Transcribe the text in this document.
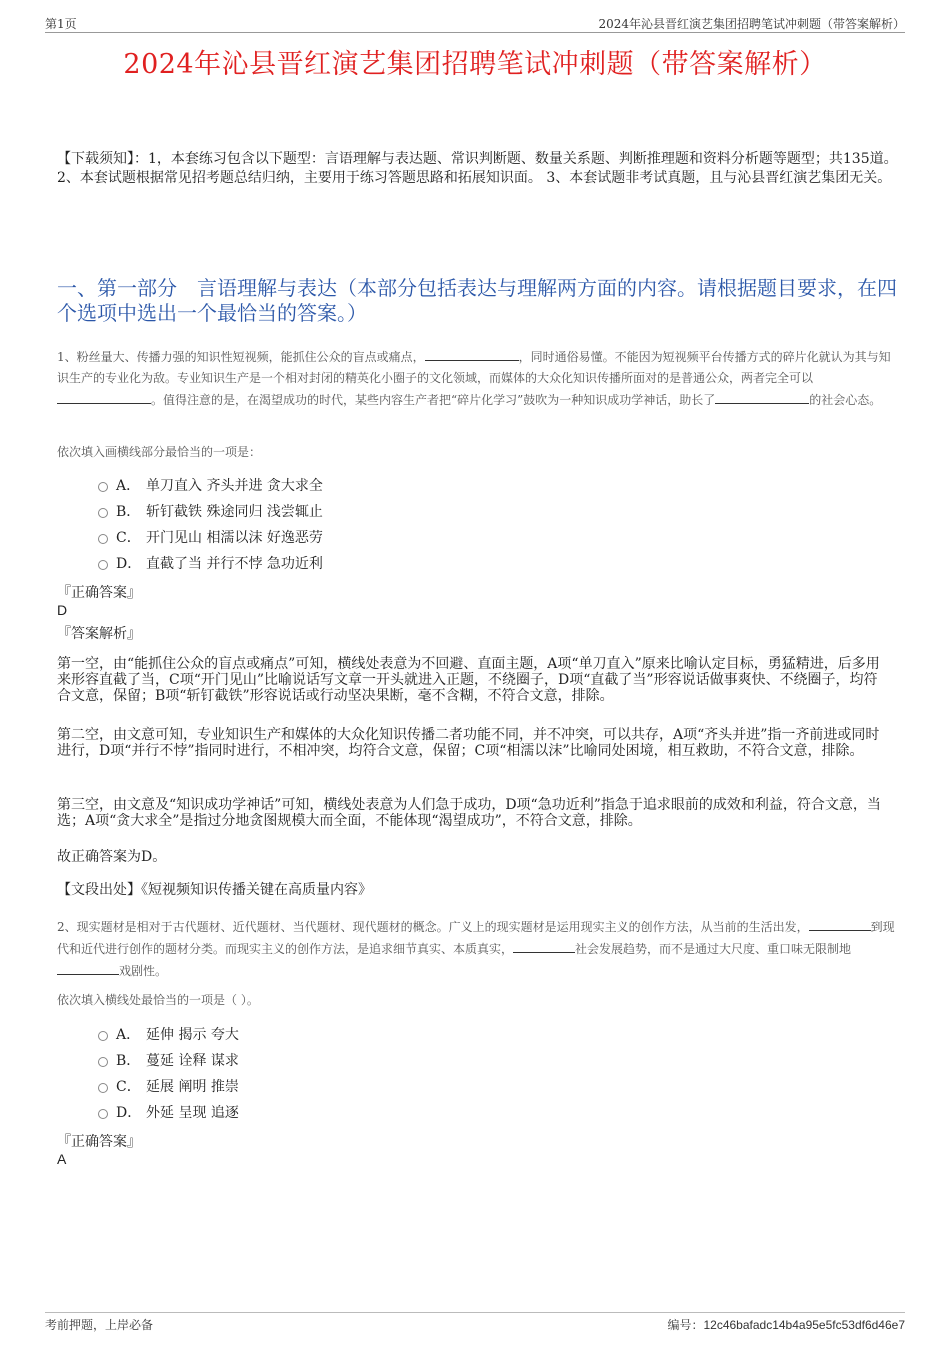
第1页	2024年沁县晋红演艺集团招聘笔试冲刺题（带答案解析）
2024年沁县晋红演艺集团招聘笔试冲刺题（带答案解析）
【下载须知】：1，本套练习包含以下题型：言语理解与表达题、常识判断题、数量关系题、判断推理题和资料分析题等题型；共135道。 2、本套试题根据常见招考题总结归纳，主要用于练习答题思路和拓展知识面。 3、本套试题非考试真题，且与沁县晋红演艺集团无关。
一、第一部分　言语理解与表达（本部分包括表达与理解两方面的内容。请根据题目要求，在四个选项中选出一个最恰当的答案。）
1、粉丝量大、传播力强的知识性短视频，能抓住公众的盲点或痛点，	，同时通俗易懂。不能因为短视频平台传播方式的碎片化就认为其与知识生产的专业化为敌。专业知识生产是一个相对封闭的精英化小圈子的文化领域，而媒体的大众化知识传播所面对的是普通公众，两者完全可以。值得注意的是，在渴望成功的时代，某些内容生产者把“碎片化学习”鼓吹为一种知识成功学神话，助长了	的社会心态。
依次填入画横线部分最恰当的一项是：
A． 单刀直入 齐头并进 贪大求全
B． 斩钉截铁 殊途同归 浅尝辄止
C． 开门见山 相濡以沫 好逸恶劳
D． 直截了当 并行不悖 急功近利
『正确答案』
D
『答案解析』
第一空，由“能抓住公众的盲点或痛点”可知，横线处表意为不回避、直面主题，A项“单刀直入”原来比喻认定目标，勇猛精进，后多用来形容直截了当，C项“开门见山”比喻说话写文章一开头就进入正题，不绕圈子，D项“直截了当”形容说话做事爽快、不绕圈子，均符合文意，保留；B项“斩钉截铁”形容说话或行动坚决果断，毫不含糊，不符合文意，排除。
第二空，由文意可知，专业知识生产和媒体的大众化知识传播二者功能不同，并不冲突，可以共存，A项“齐头并进”指一齐前进或同时进行，D项“并行不悖”指同时进行，不相冲突，均符合文意，保留；C项“相濡以沫”比喻同处困境，相互救助，不符合文意，排除。
第三空，由文意及“知识成功学神话”可知，横线处表意为人们急于成功，D项“急功近利”指急于追求眼前的成效和利益，符合文意，当选；A项“贪大求全”是指过分地贪图规模大而全面，不能体现“渴望成功”，不符合文意，排除。
故正确答案为D。
【文段出处】《短视频知识传播关键在高质量内容》
2、现实题材是相对于古代题材、近代题材、当代题材、现代题材的概念。广义上的现实题材是运用现实主义的创作方法，从当前的生活出发，	到现代和近代进行创作的题材分类。而现实主义的创作方法，是追求细节真实、本质真实，	社会发展趋势，而不是通过大尺度、重口味无限制地戏剧性。
依次填入横线处最恰当的一项是（ ）。
A． 延伸 揭示 夸大
B． 蔓延 诠释 谋求
C． 延展 阐明 推崇
D． 外延 呈现 追逐
『正确答案』
A
考前押题，上岸必备	编号：12c46bafadc14b4a95e5fc53df6d46e7
